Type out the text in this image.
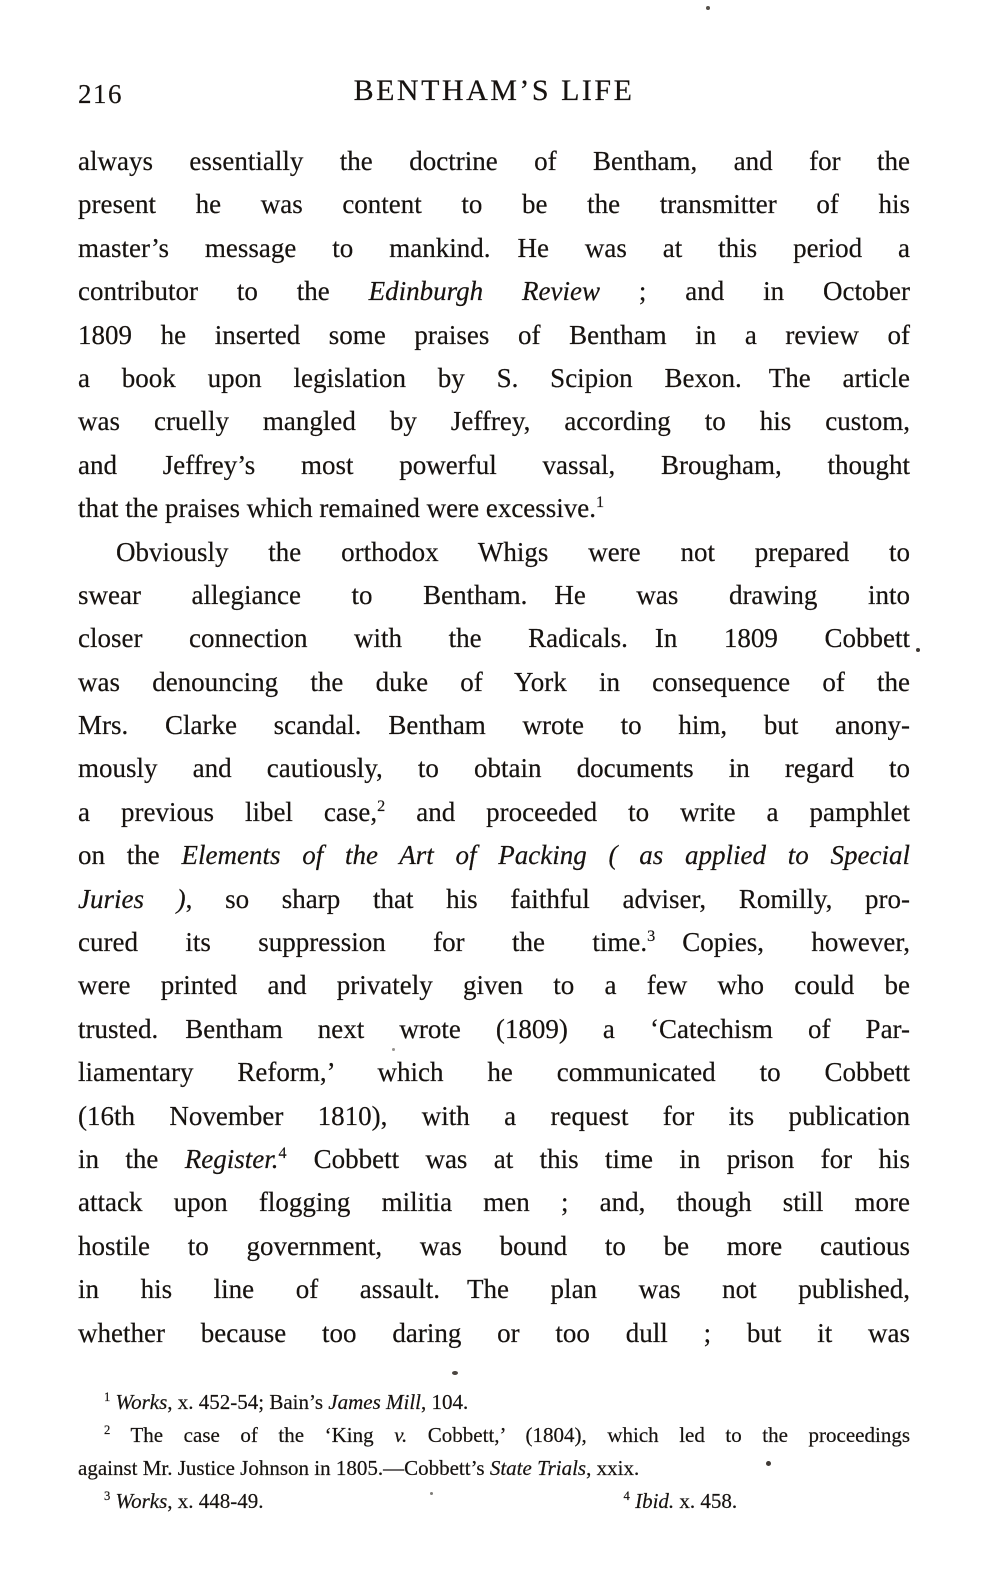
216	BENTHAM’S LIFE
always essentially the doctrine of Bentham, and for the
present he was content to be the transmitter of his
master’s message to mankind. He was at this period a
contributor to the Edinburgh Review ; and in October
1809 he inserted some praises of Bentham in a review of
a book upon legislation by S. Scipion Bexon. The article
was cruelly mangled by Jeffrey, according to his custom,
and Jeffrey’s most powerful vassal, Brougham, thought
that the praises which remained were excessive.$^1$
Obviously the orthodox Whigs were not prepared to
swear allegiance to Bentham. He was drawing into
closer connection with the Radicals. In 1809 Cobbett
was denouncing the duke of York in consequence of the
Mrs. Clarke scandal. Bentham wrote to him, but anony-
mously and cautiously, to obtain documents in regard to
a previous libel case,$^2$ and proceeded to write a pamphlet
on the Elements of the Art of Packing ( as applied to Special
Juries ), so sharp that his faithful adviser, Romilly, pro-
cured its suppression for the time.$^3$ Copies, however,
were printed and privately given to a few who could be
trusted. Bentham next wrote (1809) a ‘Catechism of Par-
liamentary Reform,’ which he communicated to Cobbett
(16th November 1810), with a request for its publication
in the Register.$^4$ Cobbett was at this time in prison for his
attack upon flogging militia men ; and, though still more
hostile to government, was bound to be more cautious
in his line of assault. The plan was not published,
whether because too daring or too dull ; but it was
$^1$ Works, x. 452-54; Bain’s James Mill, 104.
$^2$ The case of the ‘King v. Cobbett,’ (1804), which led to the proceedings
against Mr. Justice Johnson in 1805.—Cobbett’s State Trials, xxix.
$^3$ Works, x. 448-49.	$^4$ Ibid. x. 458.
